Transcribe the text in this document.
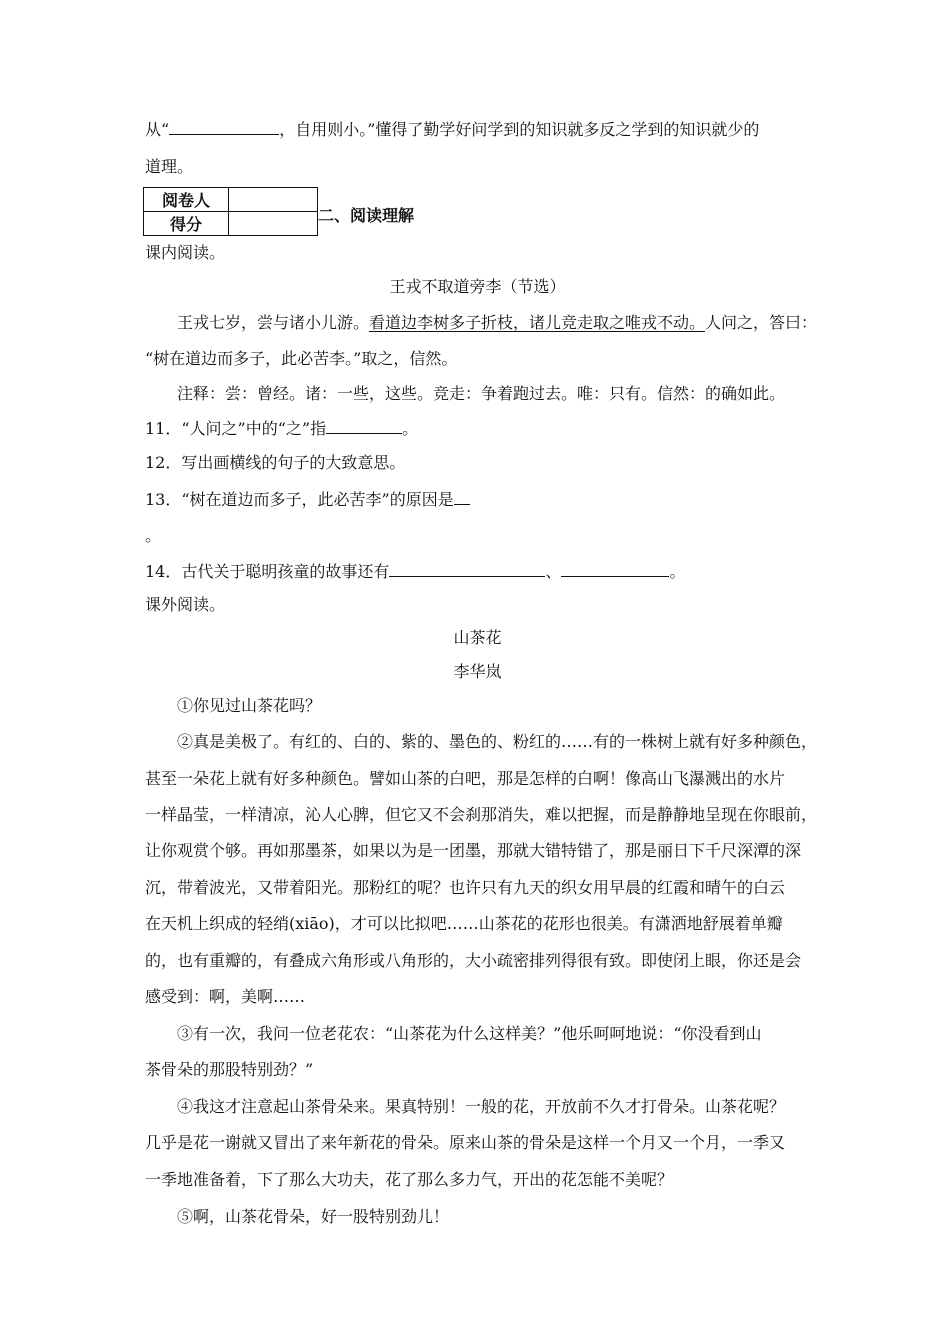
从“	，自用则小。”懂得了勤学好问学到的知识就多反之学到的知识就少的
道理。
阅卷人	
得分		二、阅读理解
课内阅读。
王戎不取道旁李（节选）
王戎七岁，尝与诸小儿游。看道边李树多子折枝，诸儿竞走取之唯戎不动。人问之，答曰：
“树在道边而多子，此必苦李。”取之，信然。
注释：尝：曾经。诸：一些，这些。竞走：争着跑过去。唯：只有。信然：的确如此。
11．“人问之”中的“之”指	。
12．写出画横线的句子的大致意思。
13．“树在道边而多子，此必苦李”的原因是
。
14．古代关于聪明孩童的故事还有	、	。
课外阅读。
山茶花
李华岚
①你见过山茶花吗？
②真是美极了。有红的、白的、紫的、墨色的、粉红的……有的一株树上就有好多种颜色，
甚至一朵花上就有好多种颜色。譬如山茶的白吧，那是怎样的白啊！像高山飞瀑溅出的水片
一样晶莹，一样清凉，沁人心脾，但它又不会刹那消失，难以把握，而是静静地呈现在你眼前，
让你观赏个够。再如那墨茶，如果以为是一团墨，那就大错特错了，那是丽日下千尺深潭的深
沉，带着波光，又带着阳光。那粉红的呢？也许只有九天的织女用早晨的红霞和晴午的白云
在天机上织成的轻绡(xiāo)，才可以比拟吧……山茶花的花形也很美。有潇洒地舒展着单瓣
的，也有重瓣的，有叠成六角形或八角形的，大小疏密排列得很有致。即使闭上眼，你还是会
感受到：啊，美啊……
③有一次，我问一位老花农：“山茶花为什么这样美？”他乐呵呵地说：“你没看到山
茶骨朵的那股特别劲？”
④我这才注意起山茶骨朵来。果真特别！一般的花，开放前不久才打骨朵。山茶花呢？
几乎是花一谢就又冒出了来年新花的骨朵。原来山茶的骨朵是这样一个月又一个月，一季又
一季地准备着，下了那么大功夫，花了那么多力气，开出的花怎能不美呢？
⑤啊，山茶花骨朵，好一股特别劲儿！
